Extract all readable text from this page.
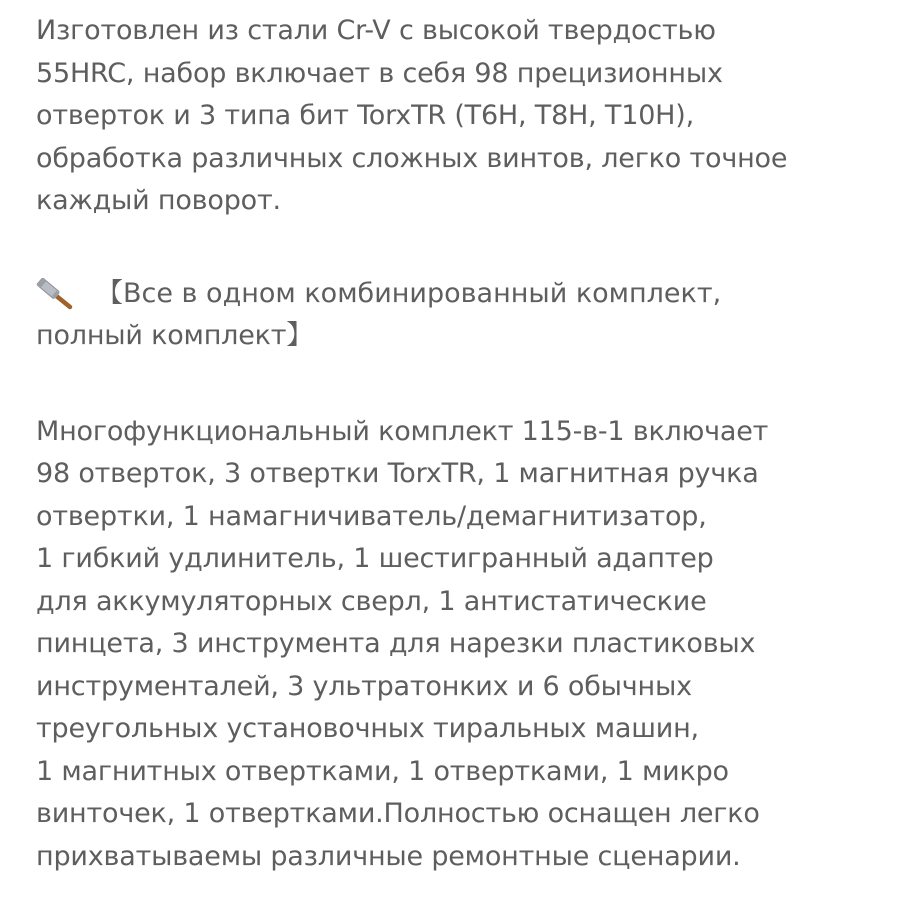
Изготовлен из стали Cr-V с высокой твердостью
55HRC, набор включает в себя 98 прецизионных
отверток и 3 типа бит TorxTR (T6H, T8H, T10H),
обработка различных сложных винтов, легко точное
каждый поворот.
【Все в одном комбинированный комплект,
полный комплект】
Многофункциональный комплект 115-в-1 включает
98 отверток, 3 отвертки TorxTR, 1 магнитная ручка
отвертки, 1 намагничиватель/демагнитизатор,
1 гибкий удлинитель, 1 шестигранный адаптер
для аккумуляторных сверл, 1 антистатические
пинцета, 3 инструмента для нарезки пластиковых
инструменталей, 3 ультратонких и 6 обычных
треугольных установочных тиральных машин,
1 магнитных отвертками, 1 отвертками, 1 микро
винточек, 1 отвертками.Полностью оснащен легко
прихватываемы различные ремонтные сценарии.
